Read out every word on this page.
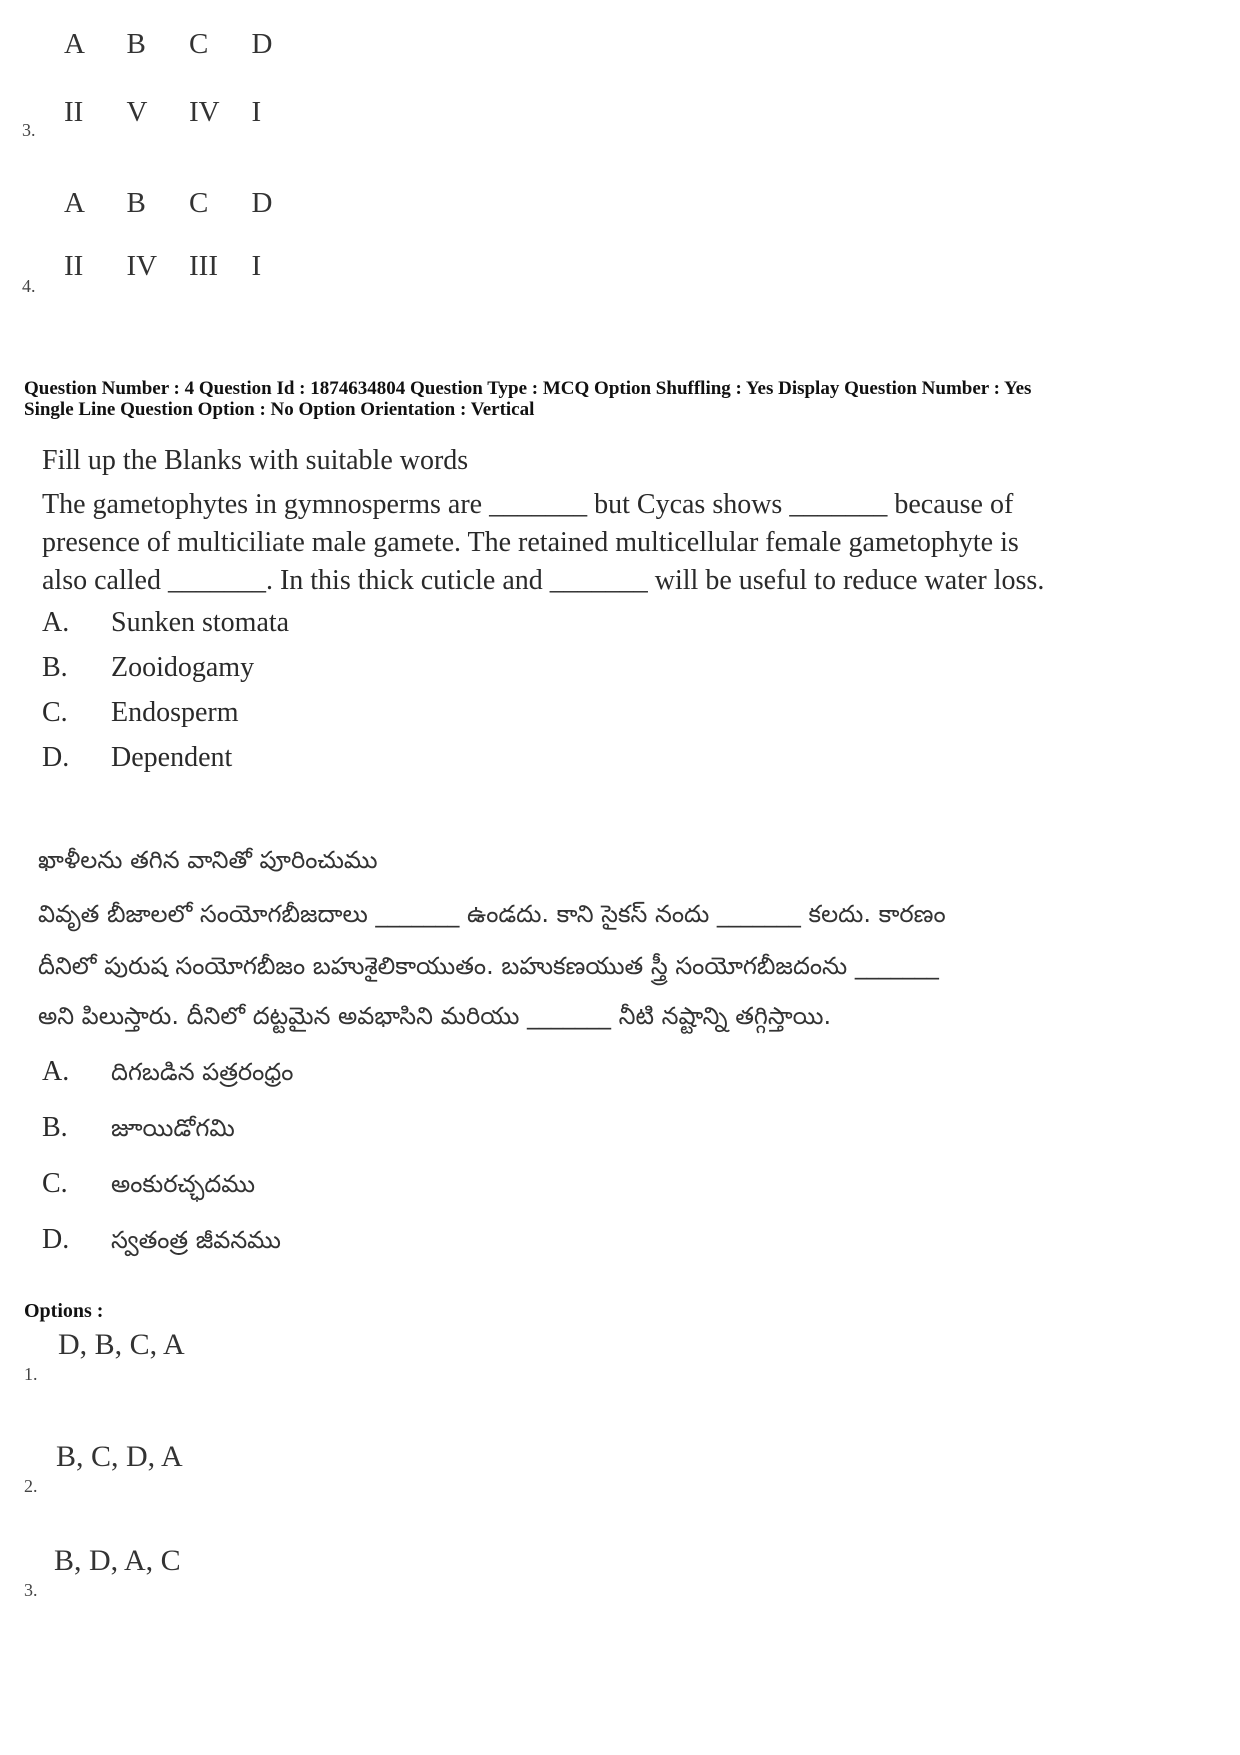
A	B	C	D
II	V	IV	I
3.
A	B	C	D
II	IV	III	I
4.
Question Number : 4 Question Id : 1874634804 Question Type : MCQ Option Shuffling : Yes Display Question Number : Yes
Single Line Question Option : No Option Orientation : Vertical
Fill up the Blanks with suitable words
The gametophytes in gymnosperms are _______ but Cycas shows _______ because of
presence of multiciliate male gamete. The retained multicellular female gametophyte is
also called _______. In this thick cuticle and _______ will be useful to reduce water loss.
A. Sunken stomata
B. Zooidogamy
C. Endosperm
D. Dependent
ఖాళీలను తగిన వానితో పూరించుము
వివృత బీజాలలో సంయోగబీజదాలు _______ ఉండదు. కాని సైకస్ నందు _______ కలదు. కారణం
దీనిలో పురుష సంయోగబీజం బహుశైలికాయుతం. బహుకణయుత స్త్రీ సంయోగబీజదంను _______
అని పిలుస్తారు. దీనిలో దట్టమైన అవభాసిని మరియు _______ నీటి నష్టాన్ని తగ్గిస్తాయి.
A. దిగబడిన పత్రరంధ్రం
B. జూయిడోగమి
C. అంకురచ్ఛదము
D. స్వతంత్ర జీవనము
Options :
D, B, C, A
1.
B, C, D, A
2.
B, D, A, C
3.
